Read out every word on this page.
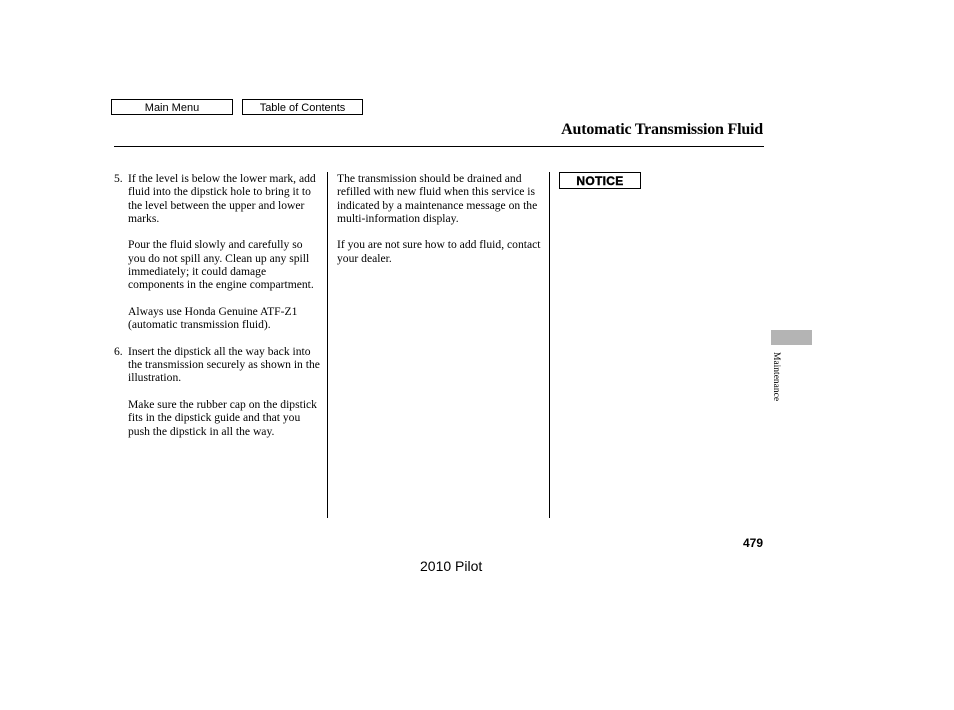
Main Menu	Table of Contents
Automatic Transmission Fluid
5. If the level is below the lower mark, add fluid into the dipstick hole to bring it to the level between the upper and lower marks.

Pour the fluid slowly and carefully so you do not spill any. Clean up any spill immediately; it could damage components in the engine compartment.

Always use Honda Genuine ATF-Z1 (automatic transmission fluid).

6. Insert the dipstick all the way back into the transmission securely as shown in the illustration.

Make sure the rubber cap on the dipstick fits in the dipstick guide and that you push the dipstick in all the way.

The transmission should be drained and refilled with new fluid when this service is indicated by a maintenance message on the multi-information display.

If you are not sure how to add fluid, contact your dealer.

NOTICE
Maintenance
479
2010 Pilot
